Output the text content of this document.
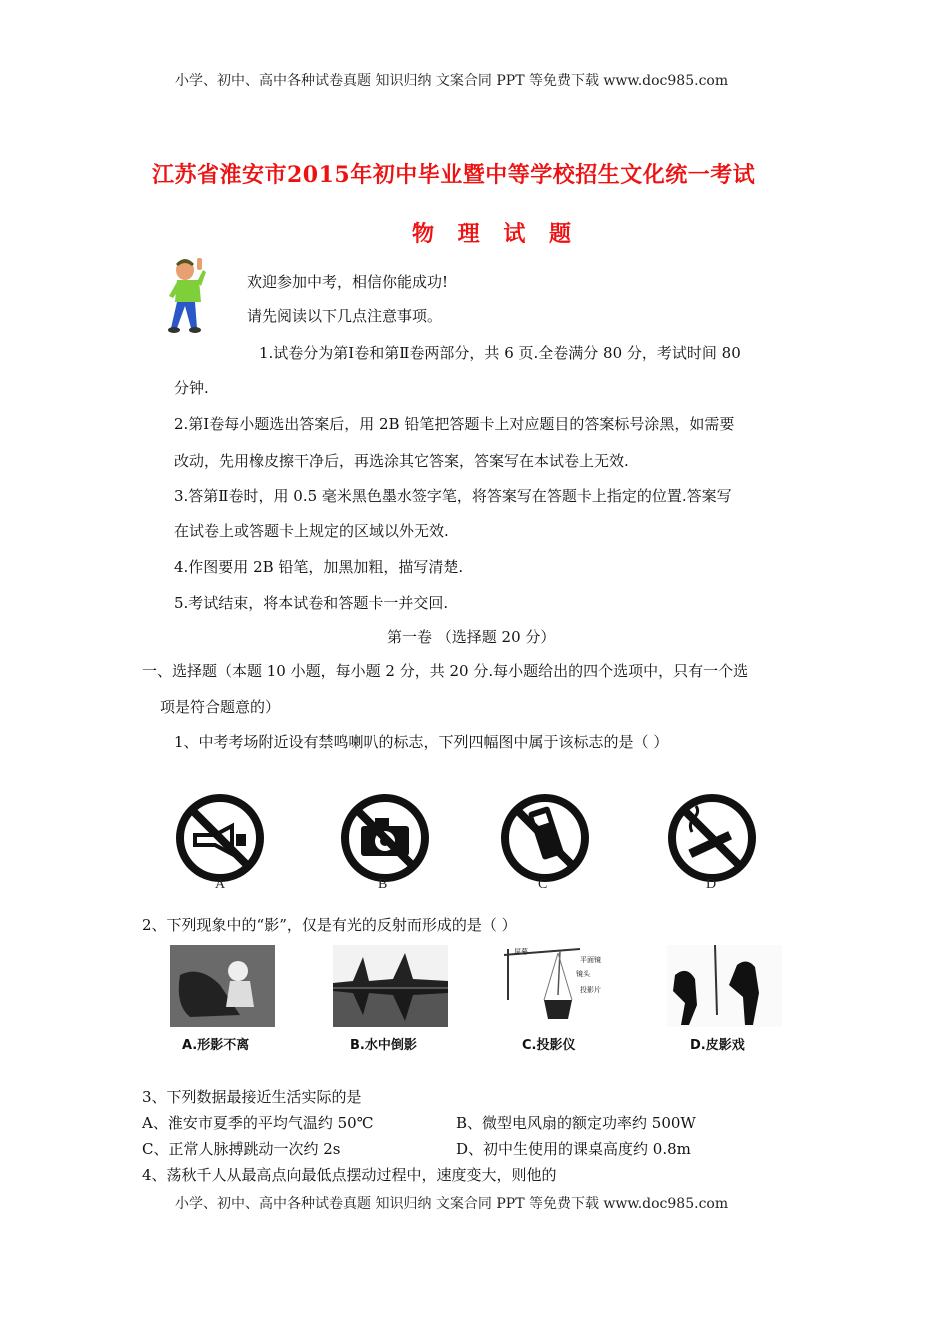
小学、初中、高中各种试卷真题 知识归纳 文案合同 PPT 等免费下载 www.doc985.com
江苏省淮安市2015年初中毕业暨中等学校招生文化统一考试
物 理 试 题
欢迎参加中考，相信你能成功!
请先阅读以下几点注意事项。
1.试卷分为第Ⅰ卷和第Ⅱ卷两部分，共 6 页.全卷满分 80 分，考试时间 80
分钟.
2.第Ⅰ卷每小题选出答案后，用 2B 铅笔把答题卡上对应题目的答案标号涂黑，如需要
改动，先用橡皮擦干净后，再选涂其它答案，答案写在本试卷上无效.
3.答第Ⅱ卷时，用 0.5 毫米黑色墨水签字笔，将答案写在答题卡上指定的位置.答案写
在试卷上或答题卡上规定的区域以外无效.
4.作图要用 2B 铅笔，加黑加粗，描写清楚.
5.考试结束，将本试卷和答题卡一并交回.
第一卷 （选择题 20 分）
一、选择题（本题 10 小题，每小题 2 分，共 20 分.每小题给出的四个选项中，只有一个选
项是符合题意的）
1、中考考场附近设有禁鸣喇叭的标志，下列四幅图中属于该标志的是（ ）
A	B	C	D
2、下列现象中的“影”，仅是有光的反射而形成的是（ ）
A.形影不离	B.水中倒影
屏幕
平面镜
镜头
投影片
C.投影仪	D.皮影戏
3、下列数据最接近生活实际的是
A、淮安市夏季的平均气温约 50℃	B、微型电风扇的额定功率约 500W
C、正常人脉搏跳动一次约 2s	D、初中生使用的课桌高度约 0.8m
4、荡秋千人从最高点向最低点摆动过程中，速度变大，则他的
小学、初中、高中各种试卷真题 知识归纳 文案合同 PPT 等免费下载 www.doc985.com
